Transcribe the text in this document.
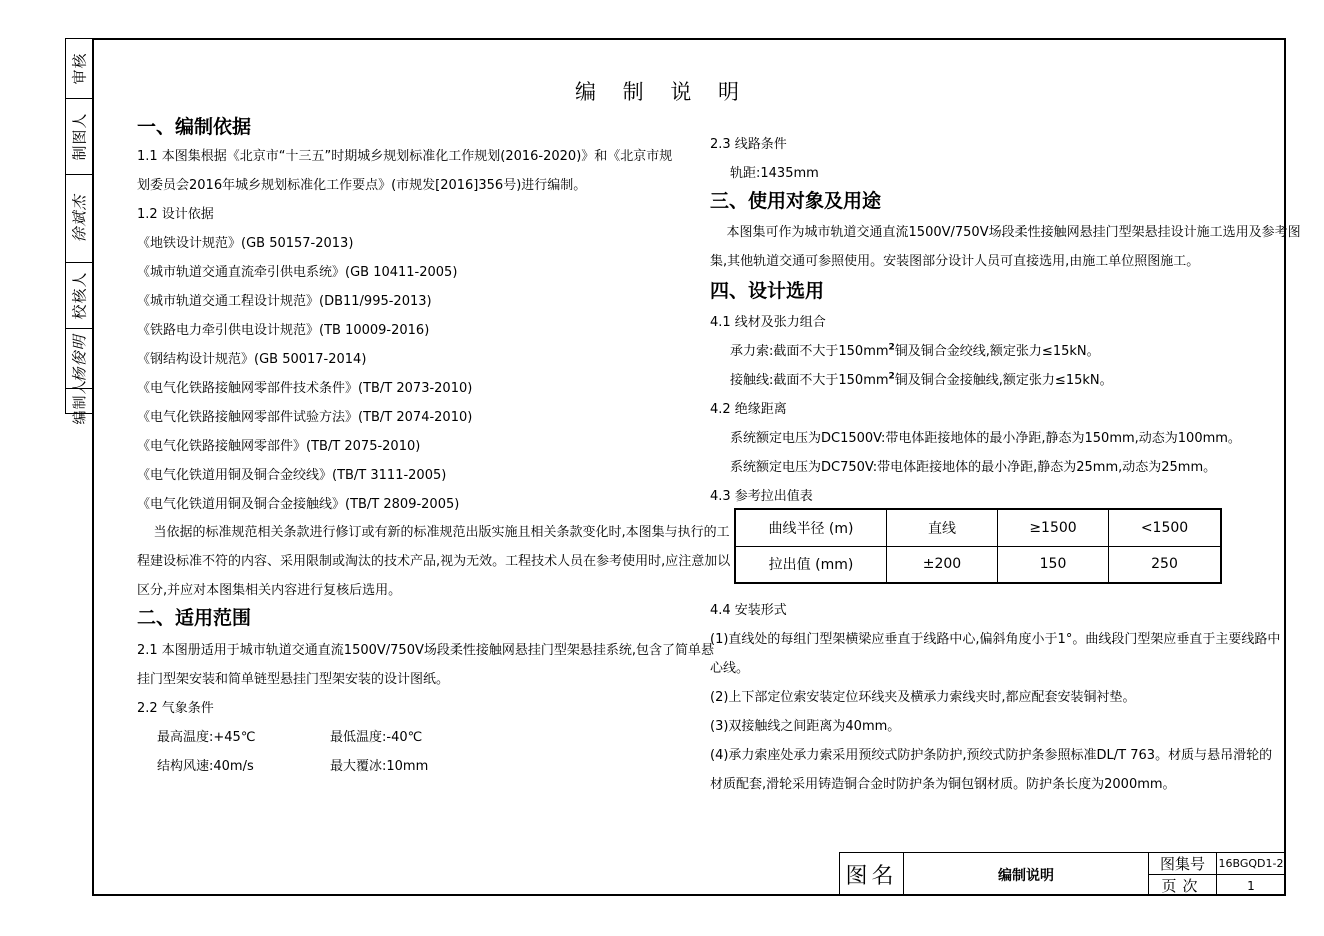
审核
制图人
徐斌杰
校核人
杨俊明
编制人
编 制 说 明
一、编制依据
1.1 本图集根据《北京市“十三五”时期城乡规划标准化工作规划(2016-2020)》和《北京市规
划委员会2016年城乡规划标准化工作要点》(市规发[2016]356号)进行编制。
1.2 设计依据
《地铁设计规范》(GB 50157-2013)
《城市轨道交通直流牵引供电系统》(GB 10411-2005)
《城市轨道交通工程设计规范》(DB11/995-2013)
《铁路电力牵引供电设计规范》(TB 10009-2016)
《钢结构设计规范》(GB 50017-2014)
《电气化铁路接触网零部件技术条件》(TB/T 2073-2010)
《电气化铁路接触网零部件试验方法》(TB/T 2074-2010)
《电气化铁路接触网零部件》(TB/T 2075-2010)
《电气化铁道用铜及铜合金绞线》(TB/T 3111-2005)
《电气化铁道用铜及铜合金接触线》(TB/T 2809-2005)
当依据的标准规范相关条款进行修订或有新的标准规范出版实施且相关条款变化时,本图集与执行的工
程建设标准不符的内容、采用限制或淘汰的技术产品,视为无效。工程技术人员在参考使用时,应注意加以
区分,并应对本图集相关内容进行复核后选用。
二、适用范围
2.1 本图册适用于城市轨道交通直流1500V/750V场段柔性接触网悬挂门型架悬挂系统,包含了简单悬
挂门型架安装和简单链型悬挂门型架安装的设计图纸。
2.2 气象条件
最高温度:+45℃	最低温度:-40℃
结构风速:40m/s	最大覆冰:10mm
2.3 线路条件
轨距:1435mm
三、使用对象及用途
本图集可作为城市轨道交通直流1500V/750V场段柔性接触网悬挂门型架悬挂设计施工选用及参考图
集,其他轨道交通可参照使用。安装图部分设计人员可直接选用,由施工单位照图施工。
四、设计选用
4.1 线材及张力组合
承力索:截面不大于$150mm^2$铜及铜合金绞线,额定张力≤15kN。
接触线:截面不大于$150mm^2$铜及铜合金接触线,额定张力≤15kN。
4.2 绝缘距离
系统额定电压为DC1500V:带电体距接地体的最小净距,静态为150mm,动态为100mm。
系统额定电压为DC750V:带电体距接地体的最小净距,静态为25mm,动态为25mm。
4.3 参考拉出值表
曲线半径 (m)	直线	≥1500	<1500
拉出值 (mm)	±200	150	250
4.4 安装形式
(1)直线处的每组门型架横梁应垂直于线路中心,偏斜角度小于1°。曲线段门型架应垂直于主要线路中
心线。
(2)上下部定位索安装定位环线夹及横承力索线夹时,都应配套安装铜衬垫。
(3)双接触线之间距离为40mm。
(4)承力索座处承力索采用预绞式防护条防护,预绞式防护条参照标准DL/T 763。材质与悬吊滑轮的
材质配套,滑轮采用铸造铜合金时防护条为铜包钢材质。防护条长度为2000mm。
图名	编制说明
图集号	16BGQD1-2
页次	1
